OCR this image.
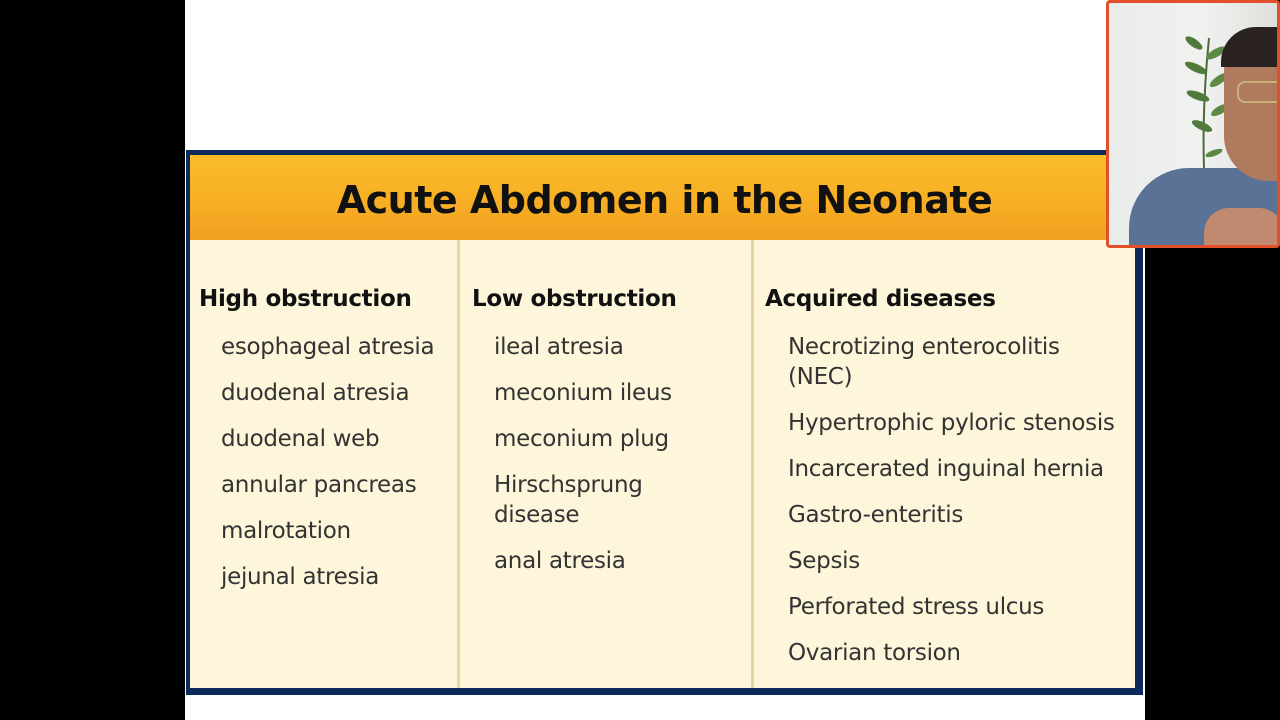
Acute Abdomen in the Neonate
High obstruction
esophageal atresia
duodenal atresia
duodenal web
annular pancreas
malrotation
jejunal atresia
Low obstruction
ileal atresia
meconium ileus
meconium plug
Hirschsprung disease
anal atresia
Acquired diseases
Necrotizing enterocolitis (NEC)
Hypertrophic pyloric stenosis
Incarcerated inguinal hernia
Gastro-enteritis
Sepsis
Perforated stress ulcus
Ovarian torsion
